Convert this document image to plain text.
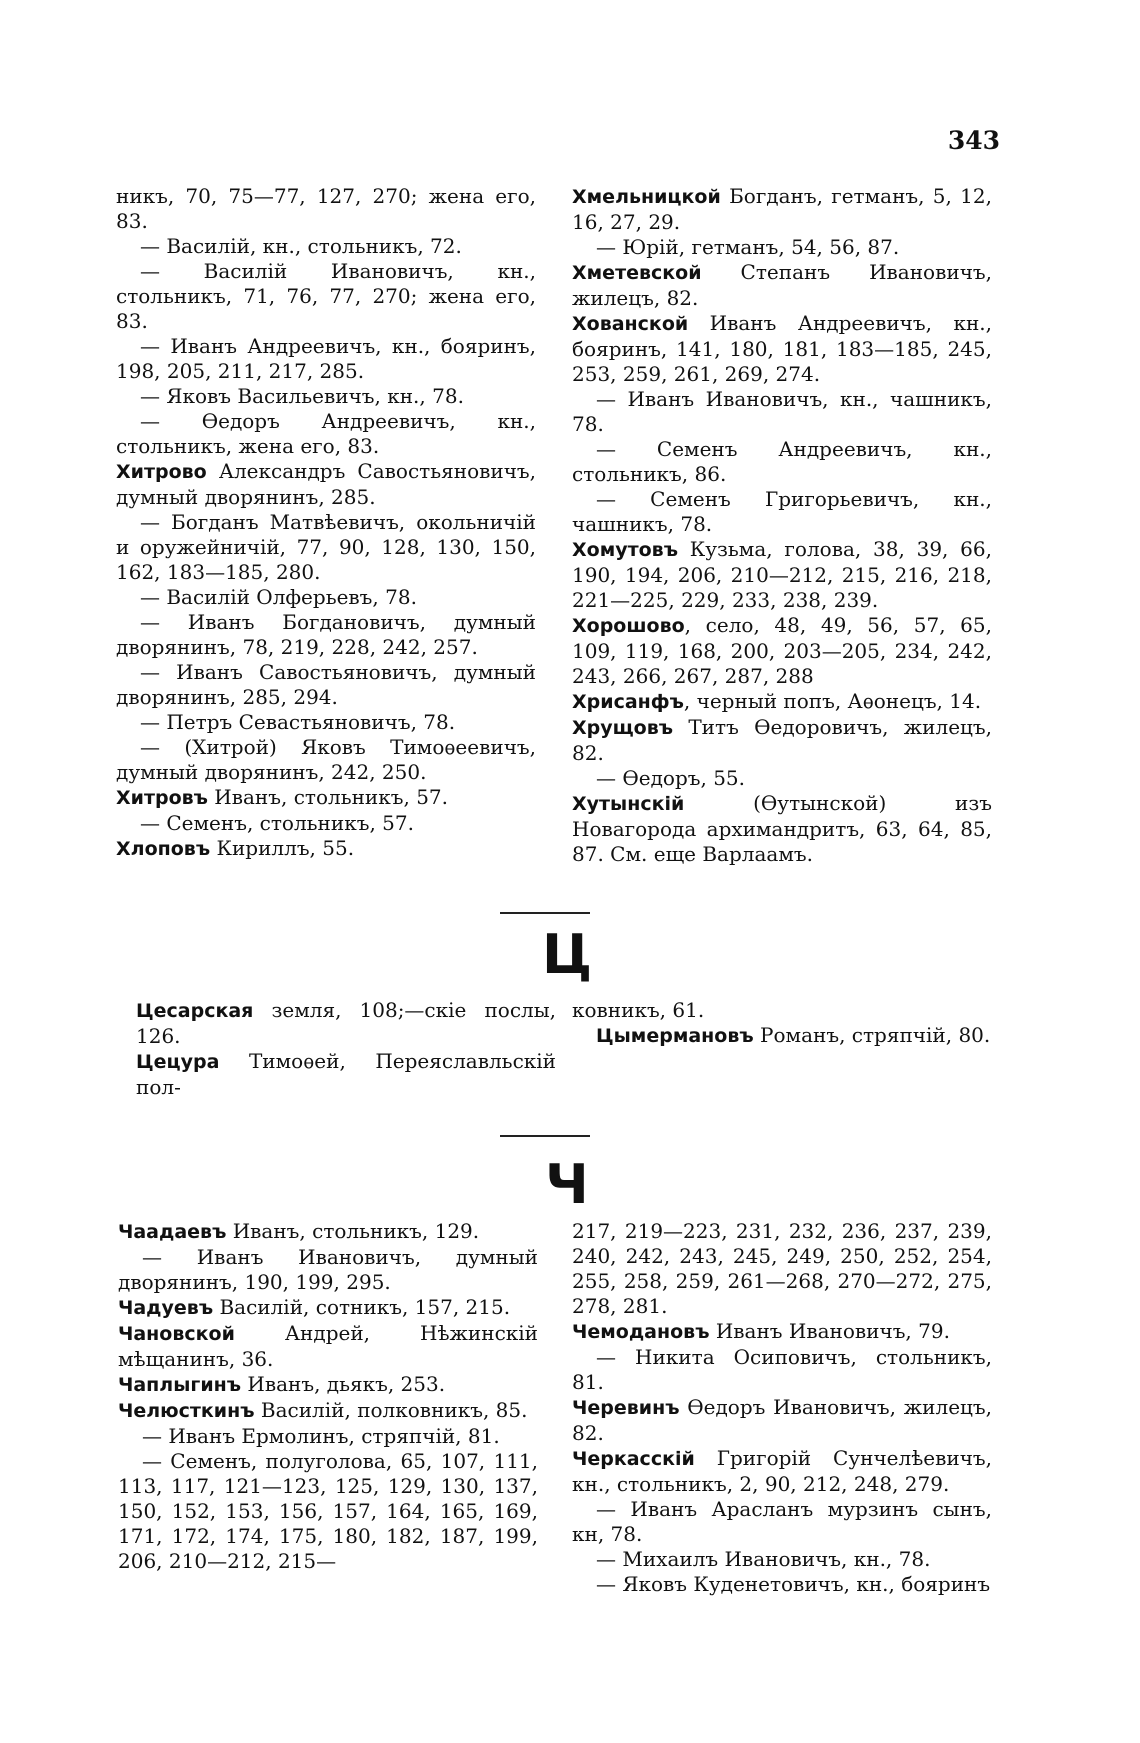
343
никъ, 70, 75—77, 127, 270; жена его, 83.
— Василій, кн., стольникъ, 72.
— Василій Ивановичъ, кн., стольникъ, 71, 76, 77, 270; жена его, 83.
— Иванъ Андреевичъ, кн., бояринъ, 198, 205, 211, 217, 285.
— Яковъ Васильевичъ, кн., 78.
— Өедоръ Андреевичъ, кн., стольникъ, жена его, 83.
Хитрово Александръ Савостьяновичъ, думный дворянинъ, 285.
— Богданъ Матвѣевичъ, окольничій и оружейничій, 77, 90, 128, 130, 150, 162, 183—185, 280.
— Василій Олферьевъ, 78.
— Иванъ Богдановичъ, думный дворянинъ, 78, 219, 228, 242, 257.
— Иванъ Савостьяновичъ, думный дворянинъ, 285, 294.
— Петръ Севастьяновичъ, 78.
— (Хитрой) Яковъ Тимоѳеевичъ, думный дворянинъ, 242, 250.
Хитровъ Иванъ, стольникъ, 57.
— Семенъ, стольникъ, 57.
Хлоповъ Кириллъ, 55.
Хмельницкой Богданъ, гетманъ, 5, 12, 16, 27, 29.
— Юрій, гетманъ, 54, 56, 87.
Хметевской Степанъ Ивановичъ, жилецъ, 82.
Хованской Иванъ Андреевичъ, кн., бояринъ, 141, 180, 181, 183—185, 245, 253, 259, 261, 269, 274.
— Иванъ Ивановичъ, кн., чашникъ, 78.
— Семенъ Андреевичъ, кн., стольникъ, 86.
— Семенъ Григорьевичъ, кн., чашникъ, 78.
Хомутовъ Кузьма, голова, 38, 39, 66, 190, 194, 206, 210—212, 215, 216, 218, 221—225, 229, 233, 238, 239.
Хорошово, село, 48, 49, 56, 57, 65, 109, 119, 168, 200, 203—205, 234, 242, 243, 266, 267, 287, 288
Хрисанфъ, черный попъ, Аѳонецъ, 14.
Хрущовъ Титъ Ѳедоровичъ, жилецъ, 82.
— Ѳедоръ, 55.
Хутынскій (Ѳутынской) изъ Новагорода архимандритъ, 63, 64, 85, 87. См. еще Варлаамъ.
Ц
Цесарская земля, 108;—скіе послы, 126.
Цецура Тимоѳей, Переяславльскій пол-
ковникъ, 61.
Цымермановъ Романъ, стряпчій, 80.
Ч
Чаадаевъ Иванъ, стольникъ, 129.
— Иванъ Ивановичъ, думный дворянинъ, 190, 199, 295.
Чадуевъ Василій, сотникъ, 157, 215.
Чановской Андрей, Нѣжинскій мѣщанинъ, 36.
Чаплыгинъ Иванъ, дьякъ, 253.
Челюсткинъ Василій, полковникъ, 85.
— Иванъ Ермолинъ, стряпчій, 81.
— Семенъ, полуголова, 65, 107, 111, 113, 117, 121—123, 125, 129, 130, 137, 150, 152, 153, 156, 157, 164, 165, 169, 171, 172, 174, 175, 180, 182, 187, 199, 206, 210—212, 215—
217, 219—223, 231, 232, 236, 237, 239, 240, 242, 243, 245, 249, 250, 252, 254, 255, 258, 259, 261—268, 270—272, 275, 278, 281.
Чемодановъ Иванъ Ивановичъ, 79.
— Никита Осиповичъ, стольникъ, 81.
Черевинъ Ѳедоръ Ивановичъ, жилецъ, 82.
Черкасскій Григорій Сунчелѣевичъ, кн., стольникъ, 2, 90, 212, 248, 279.
— Иванъ Арасланъ мурзинъ сынъ, кн, 78.
— Михаилъ Ивановичъ, кн., 78.
— Яковъ Куденетовичъ, кн., бояринъ
